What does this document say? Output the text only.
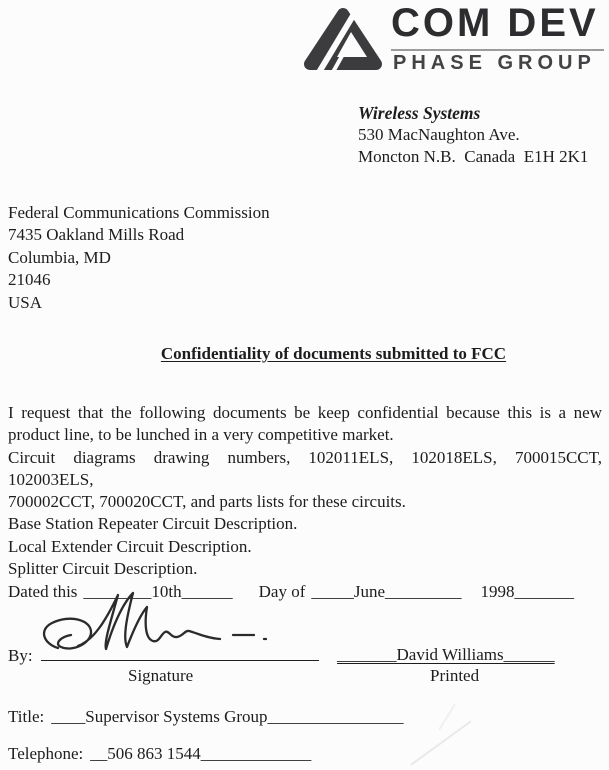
COM DEV
PHASE GROUP
Wireless Systems
530 MacNaughton Ave.
Moncton N.B.  Canada  E1H 2K1
Federal Communications Commission
7435 Oakland Mills Road
Columbia, MD
21046
USA
Confidentiality of documents submitted to FCC
I request that the following documents be keep confidential because this is a new
product line, to be lunched in a very competitive market.
Circuit diagrams drawing numbers, 102011ELS, 102018ELS, 700015CCT, 102003ELS,
700002CCT, 700020CCT, and parts lists for these circuits.
Base Station Repeater Circuit Description.
Local Extender Circuit Description.
Splitter Circuit Description.
Dated this ________10th______ Day of _____June_________ 1998_______
By:	_______David Williams______
Signature	Printed
Title: ____Supervisor Systems Group________________
Telephone: __506 863 1544_____________
